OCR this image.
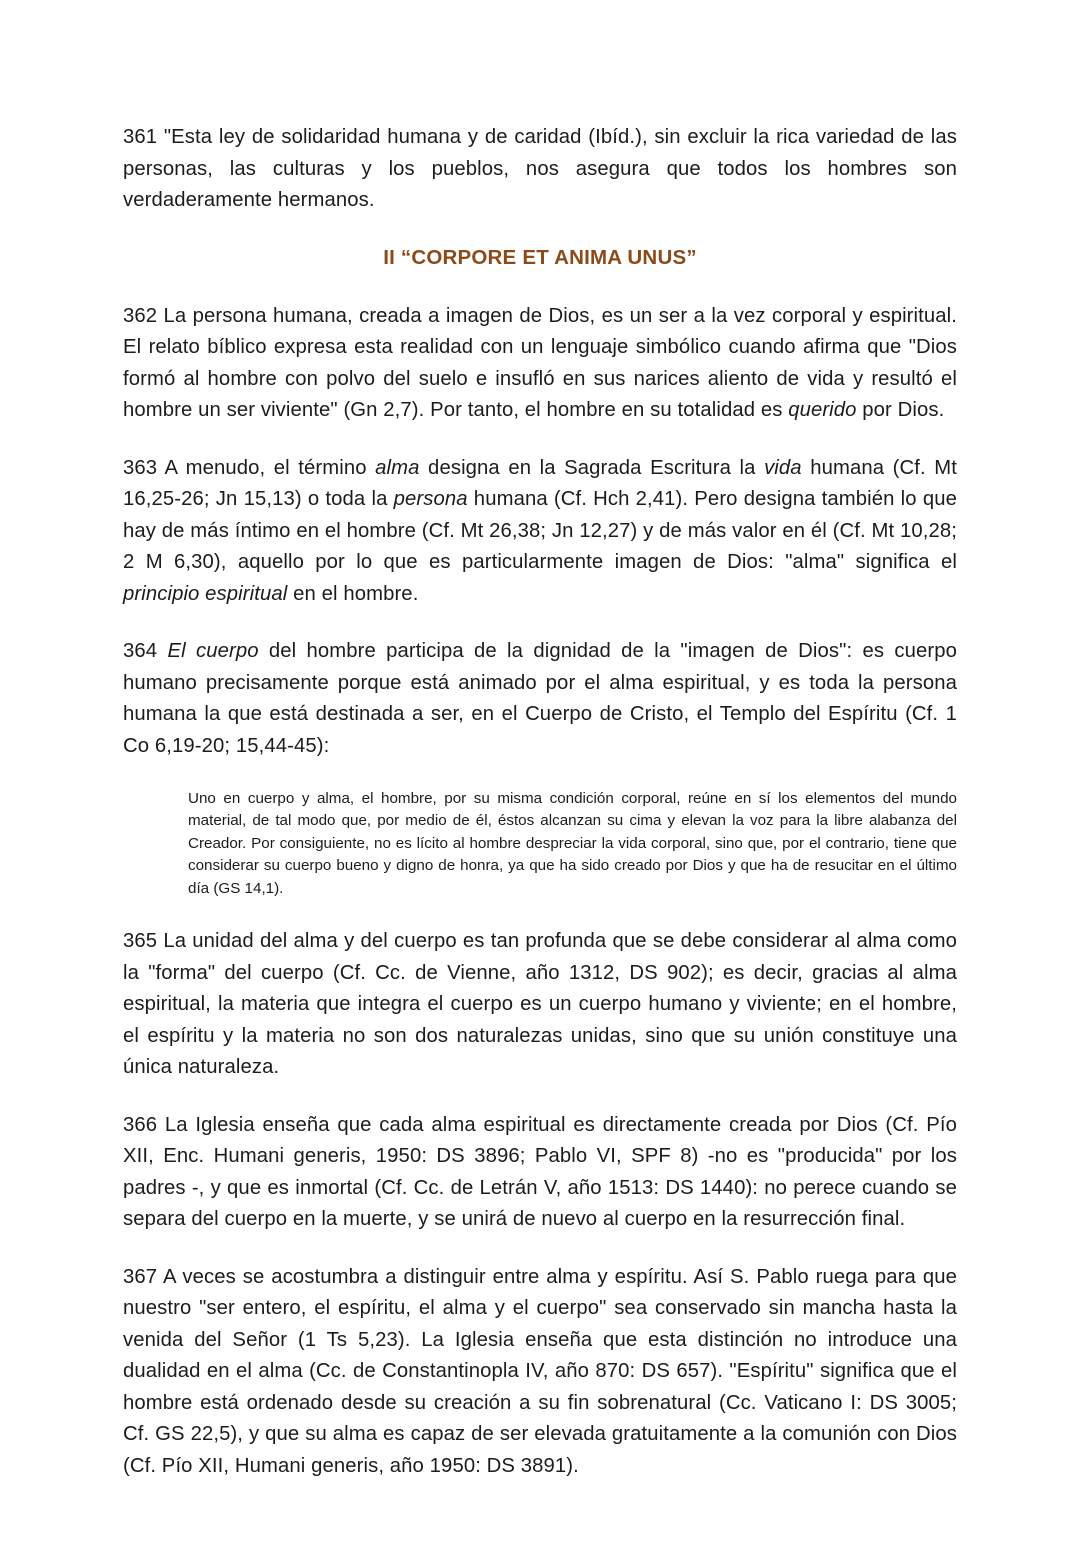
361 "Esta ley de solidaridad humana y de caridad (Ibíd.), sin excluir la rica variedad de las personas, las culturas y los pueblos, nos asegura que todos los hombres son verdaderamente hermanos.

II “CORPORE ET ANIMA UNUS”

362 La persona humana, creada a imagen de Dios, es un ser a la vez corporal y espiritual. El relato bíblico expresa esta realidad con un lenguaje simbólico cuando afirma que "Dios formó al hombre con polvo del suelo e insufló en sus narices aliento de vida y resultó el hombre un ser viviente" (Gn 2,7). Por tanto, el hombre en su totalidad es querido por Dios.

363 A menudo, el término alma designa en la Sagrada Escritura la vida humana (Cf. Mt 16,25-26; Jn 15,13) o toda la persona humana (Cf. Hch 2,41). Pero designa también lo que hay de más íntimo en el hombre (Cf. Mt 26,38; Jn 12,27) y de más valor en él (Cf. Mt 10,28; 2 M 6,30), aquello por lo que es particularmente imagen de Dios: "alma" significa el principio espiritual en el hombre.

364 El cuerpo del hombre participa de la dignidad de la "imagen de Dios": es cuerpo humano precisamente porque está animado por el alma espiritual, y es toda la persona humana la que está destinada a ser, en el Cuerpo de Cristo, el Templo del Espíritu (Cf. 1 Co 6,19-20; 15,44-45):

Uno en cuerpo y alma, el hombre, por su misma condición corporal, reúne en sí los elementos del mundo material, de tal modo que, por medio de él, éstos alcanzan su cima y elevan la voz para la libre alabanza del Creador. Por consiguiente, no es lícito al hombre despreciar la vida corporal, sino que, por el contrario, tiene que considerar su cuerpo bueno y digno de honra, ya que ha sido creado por Dios y que ha de resucitar en el último día (GS 14,1).

365 La unidad del alma y del cuerpo es tan profunda que se debe considerar al alma como la "forma" del cuerpo (Cf. Cc. de Vienne, año 1312, DS 902); es decir, gracias al alma espiritual, la materia que integra el cuerpo es un cuerpo humano y viviente; en el hombre, el espíritu y la materia no son dos naturalezas unidas, sino que su unión constituye una única naturaleza.

366 La Iglesia enseña que cada alma espiritual es directamente creada por Dios (Cf. Pío XII, Enc. Humani generis, 1950: DS 3896; Pablo VI, SPF 8) -no es "producida" por los padres -, y que es inmortal (Cf. Cc. de Letrán V, año 1513: DS 1440): no perece cuando se separa del cuerpo en la muerte, y se unirá de nuevo al cuerpo en la resurrección final.

367 A veces se acostumbra a distinguir entre alma y espíritu. Así S. Pablo ruega para que nuestro "ser entero, el espíritu, el alma y el cuerpo" sea conservado sin mancha hasta la venida del Señor (1 Ts 5,23). La Iglesia enseña que esta distinción no introduce una dualidad en el alma (Cc. de Constantinopla IV, año 870: DS 657). "Espíritu" significa que el hombre está ordenado desde su creación a su fin sobrenatural (Cc. Vaticano I: DS 3005; Cf. GS 22,5), y que su alma es capaz de ser elevada gratuitamente a la comunión con Dios (Cf. Pío XII, Humani generis, año 1950: DS 3891).
